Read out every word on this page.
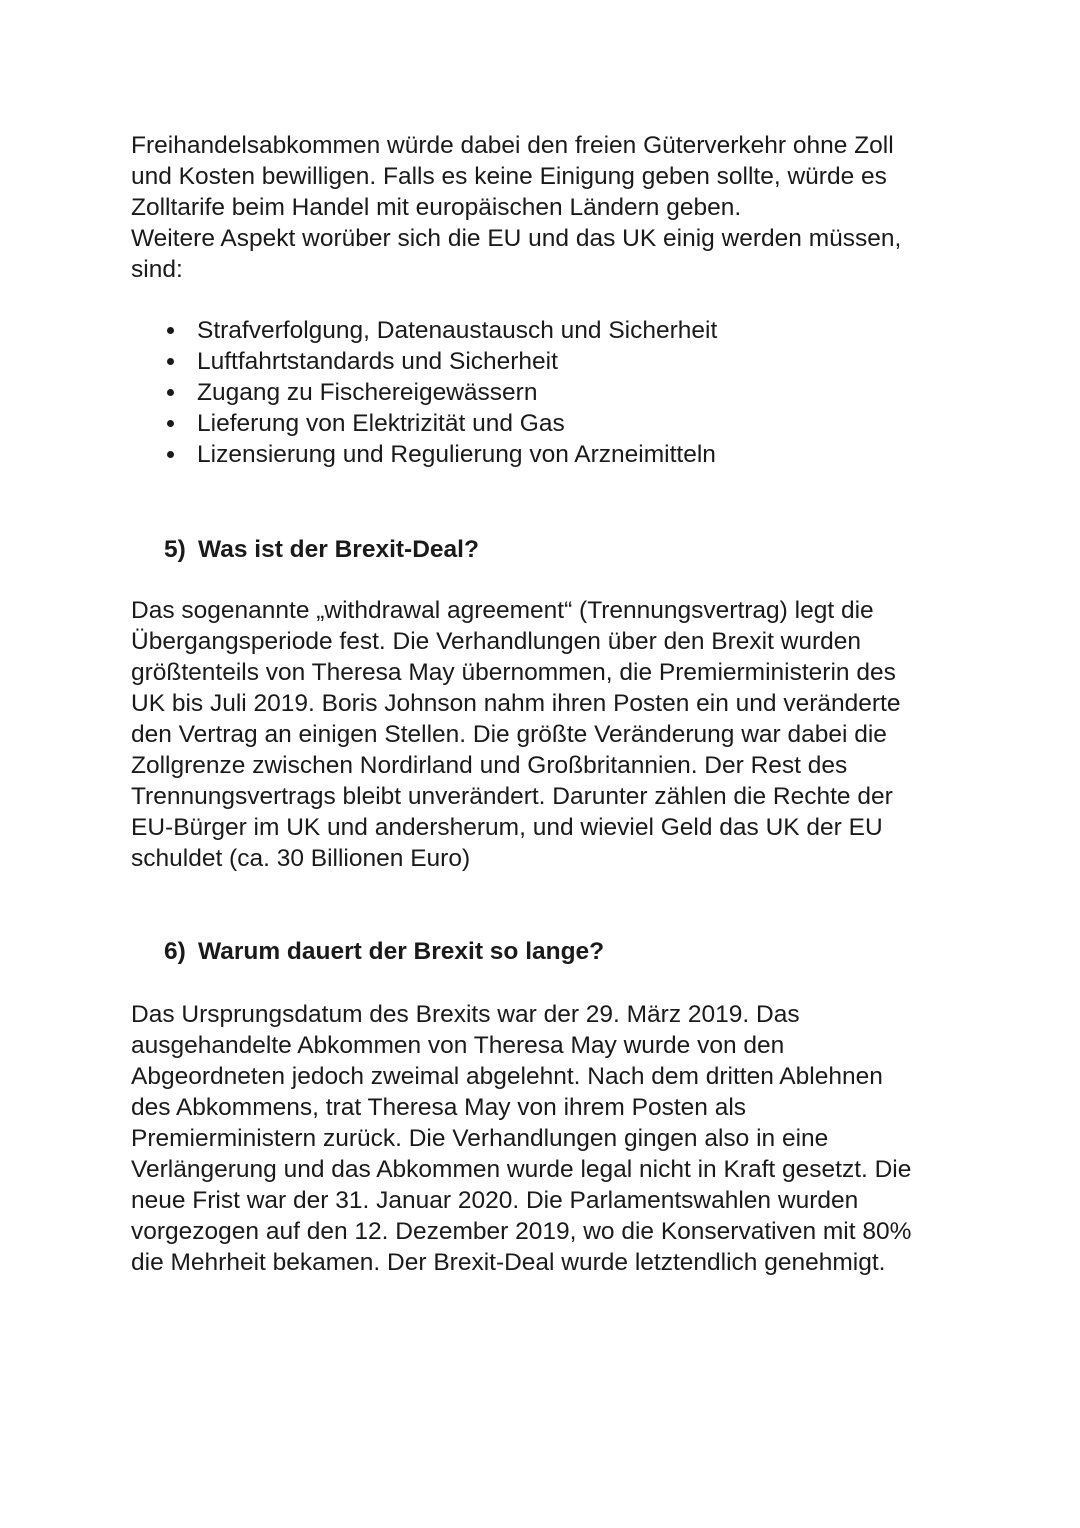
Freihandelsabkommen würde dabei den freien Güterverkehr ohne Zoll
und Kosten bewilligen. Falls es keine Einigung geben sollte, würde es
Zolltarife beim Handel mit europäischen Ländern geben.
Weitere Aspekt worüber sich die EU und das UK einig werden müssen,
sind:

Strafverfolgung, Datenaustausch und Sicherheit
Luftfahrtstandards und Sicherheit
Zugang zu Fischereigewässern
Lieferung von Elektrizität und Gas
Lizensierung und Regulierung von Arzneimitteln
5) Was ist der Brexit-Deal?

Das sogenannte „withdrawal agreement“ (Trennungsvertrag) legt die
Übergangsperiode fest. Die Verhandlungen über den Brexit wurden
größtenteils von Theresa May übernommen, die Premierministerin des
UK bis Juli 2019. Boris Johnson nahm ihren Posten ein und veränderte
den Vertrag an einigen Stellen. Die größte Veränderung war dabei die
Zollgrenze zwischen Nordirland und Großbritannien. Der Rest des
Trennungsvertrags bleibt unverändert. Darunter zählen die Rechte der
EU-Bürger im UK und andersherum, und wieviel Geld das UK der EU
schuldet (ca. 30 Billionen Euro)

6) Warum dauert der Brexit so lange?

Das Ursprungsdatum des Brexits war der 29. März 2019. Das
ausgehandelte Abkommen von Theresa May wurde von den
Abgeordneten jedoch zweimal abgelehnt. Nach dem dritten Ablehnen
des Abkommens, trat Theresa May von ihrem Posten als
Premierministern zurück. Die Verhandlungen gingen also in eine
Verlängerung und das Abkommen wurde legal nicht in Kraft gesetzt. Die
neue Frist war der 31. Januar 2020. Die Parlamentswahlen wurden
vorgezogen auf den 12. Dezember 2019, wo die Konservativen mit 80%
die Mehrheit bekamen. Der Brexit-Deal wurde letztendlich genehmigt.
